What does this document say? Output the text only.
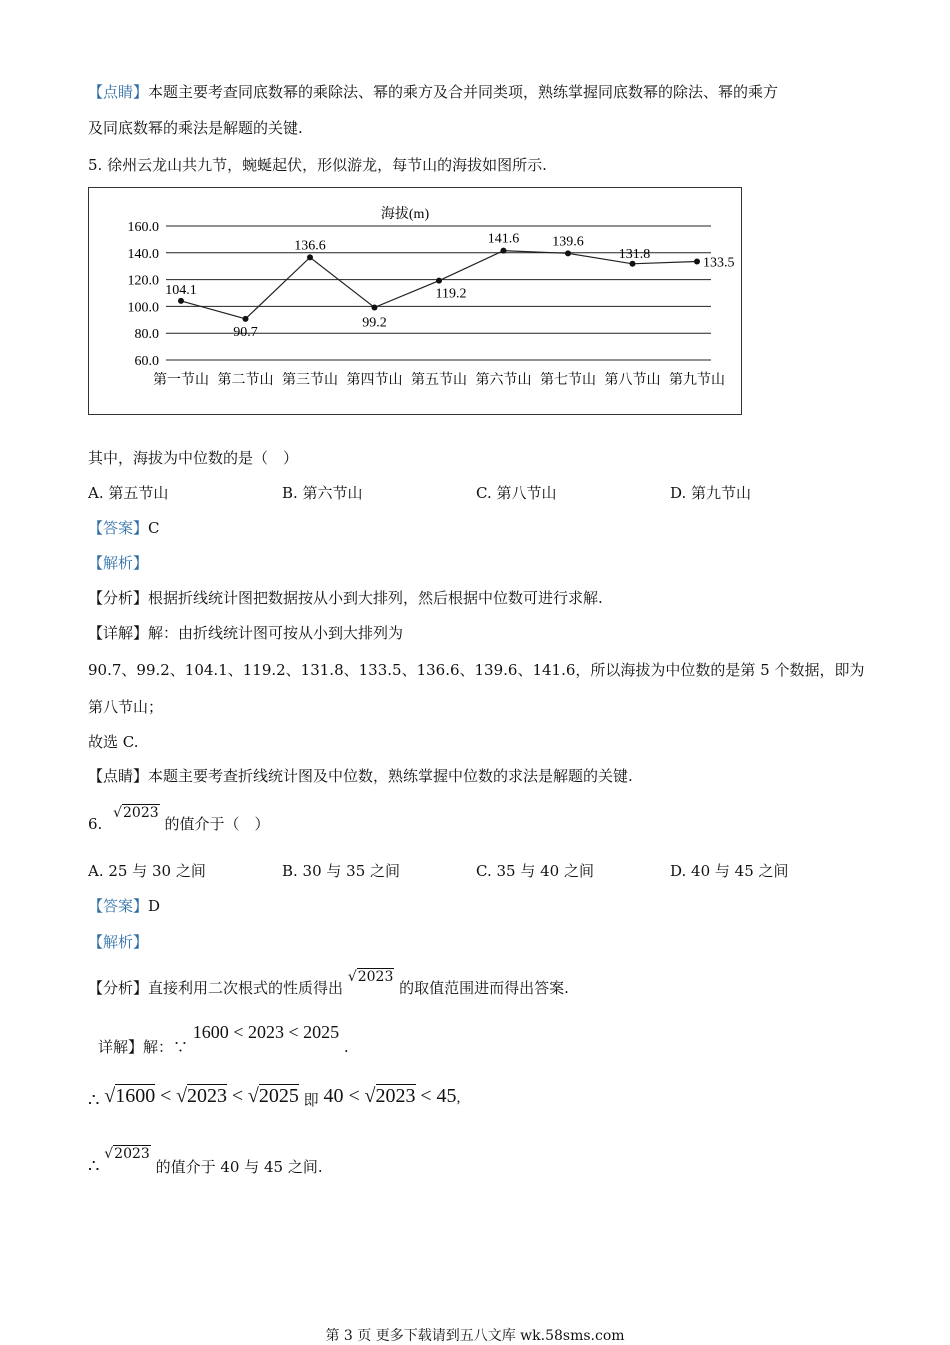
【点睛】本题主要考查同底数幂的乘除法、幂的乘方及合并同类项，熟练掌握同底数幂的除法、幂的乘方
及同底数幂的乘法是解题的关键.
5. 徐州云龙山共九节，蜿蜒起伏，形似游龙，每节山的海拔如图所示.
海拔(m)
160.0
140.0
120.0
100.0
80.0
60.0
第一节山 第二节山 第三节山 第四节山 第五节山 第六节山 第七节山 第八节山 第九节山
104.1
90.7
136.6
99.2
119.2
141.6 139.6
131.8
133.5
其中，海拔为中位数的是（　）
A. 第五节山	B. 第六节山	C. 第八节山	D. 第九节山
【答案】C
【解析】
【分析】根据折线统计图把数据按从小到大排列，然后根据中位数可进行求解.
【详解】解：由折线统计图可按从小到大排列为
90.7、99.2、104.1、119.2、131.8、133.5、136.6、139.6、141.6，所以海拔为中位数的是第 5 个数据，即为
第八节山；
故选 C.
【点睛】本题主要考查折线统计图及中位数，熟练掌握中位数的求法是解题的关键.
6. √2023 的值介于（　）
A. 25 与 30 之间	B. 30 与 35 之间	C. 35 与 40 之间	D. 40 与 45 之间
【答案】D
【解析】
【分析】直接利用二次根式的性质得出 √2023 的取值范围进而得出答案.
详解】解：∵ 1600 < 2023 < 2025 .
∴ √1600 < √2023 < √2025 即 40 < √2023 < 45,
∴ √2023 的值介于 40 与 45 之间.
第 3 页 更多下载请到五八文库 wk.58sms.com
